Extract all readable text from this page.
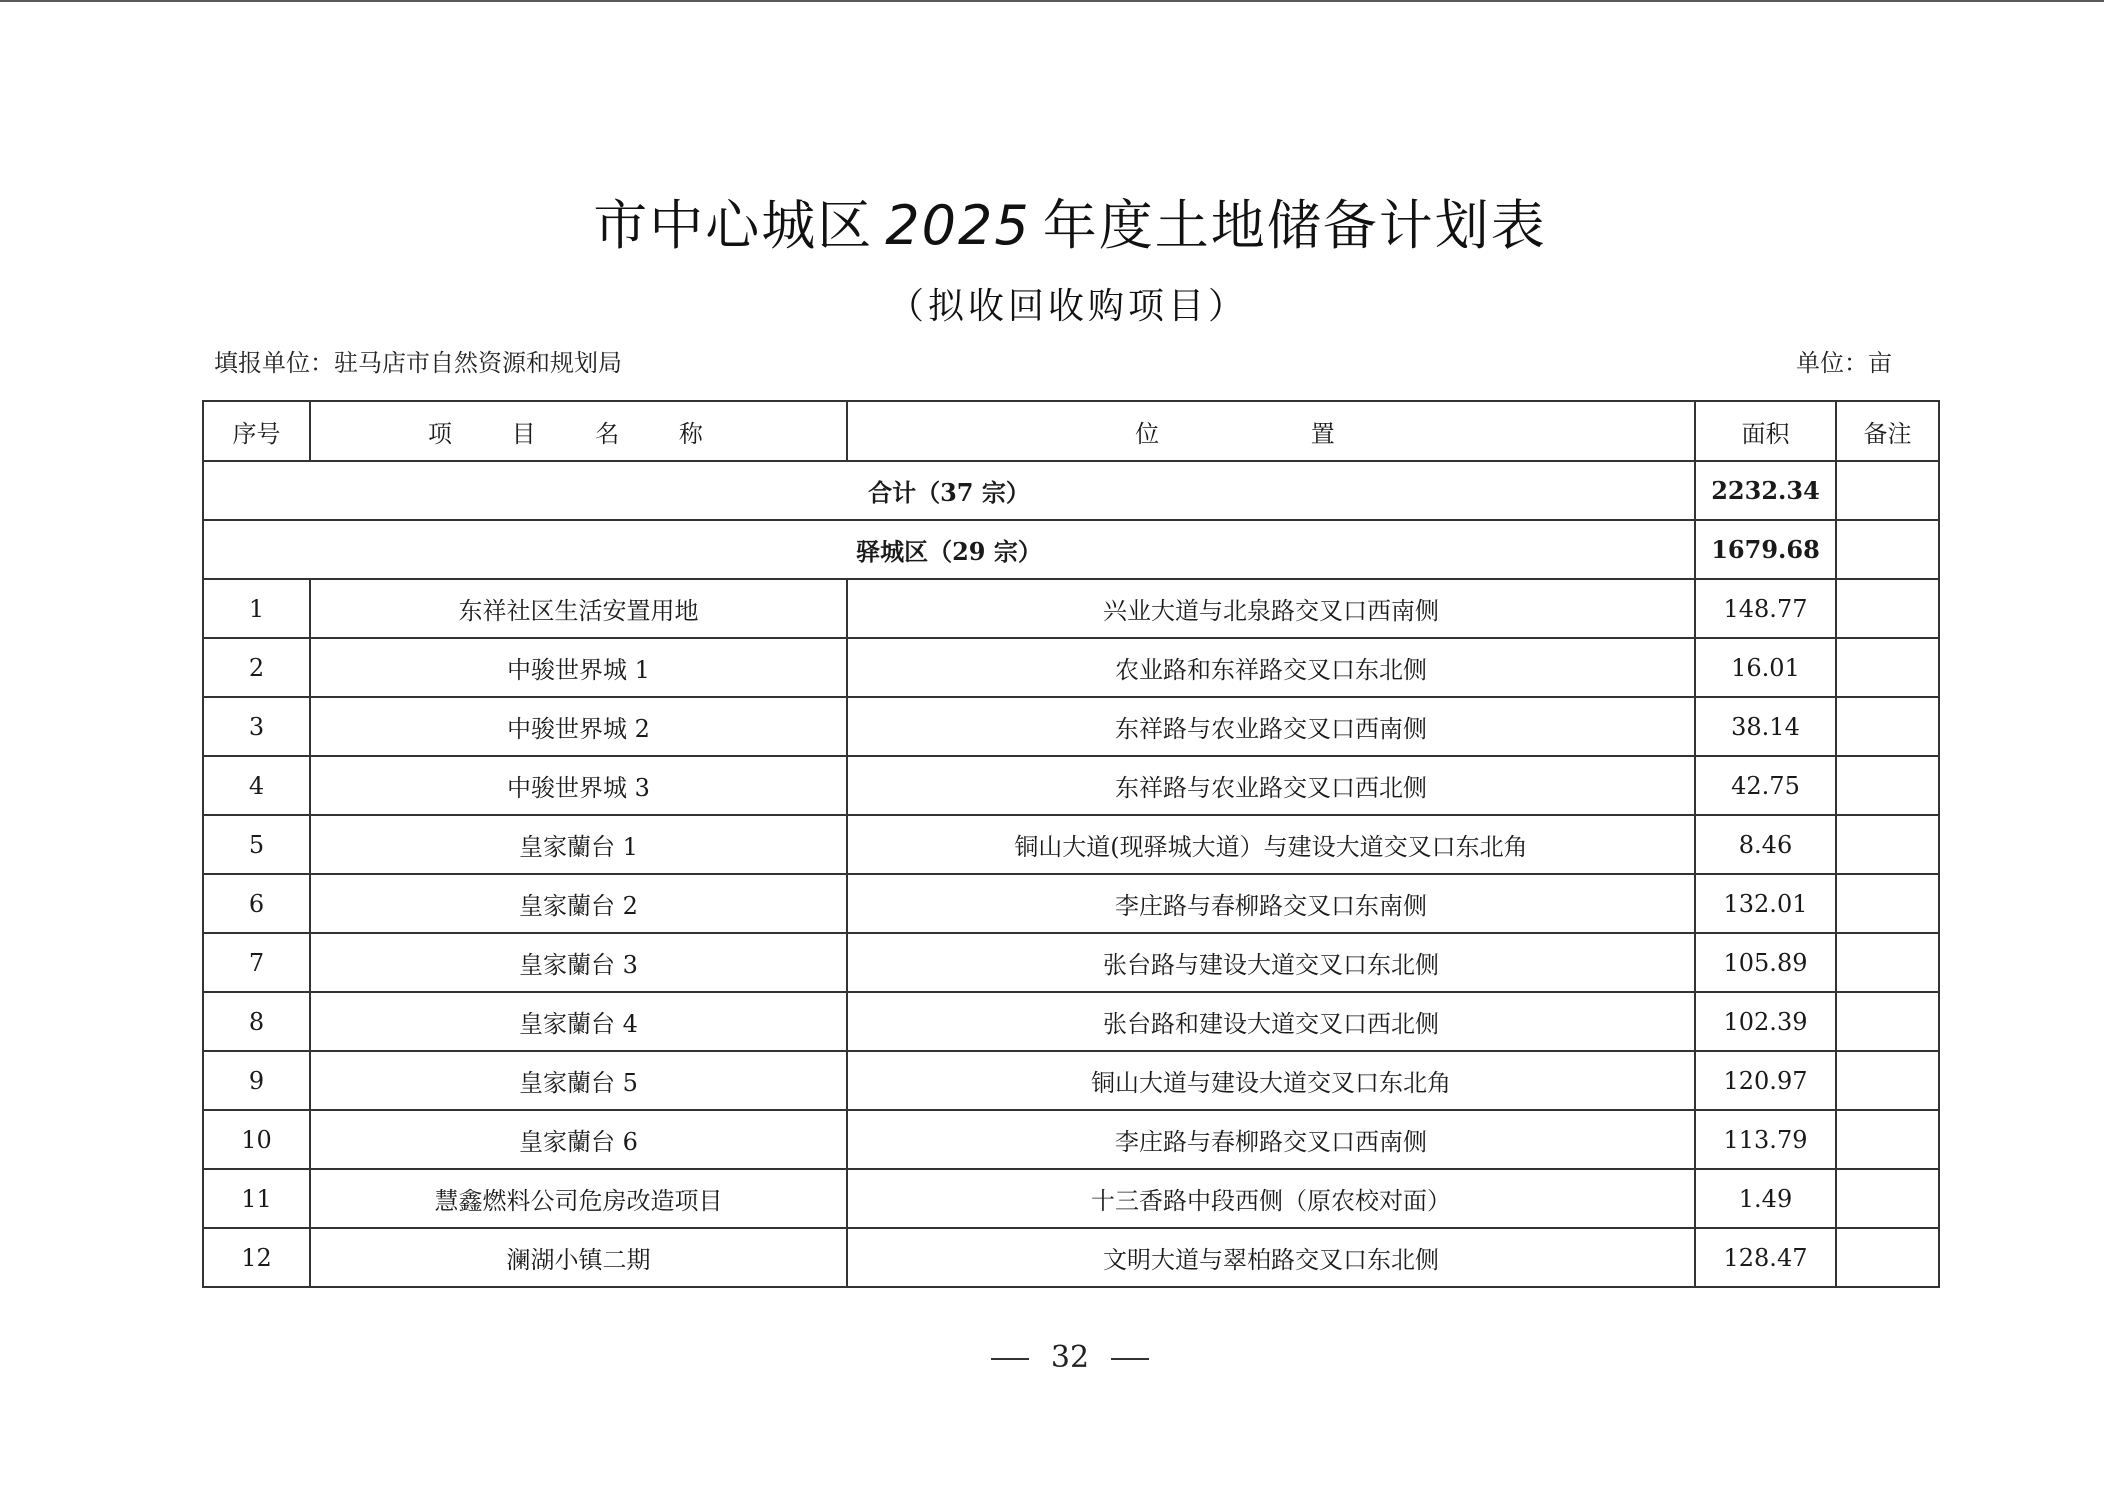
市中心城区 2025 年度土地储备计划表
（拟收回收购项目）
填报单位：驻马店市自然资源和规划局	单位：亩
序号	项 目 名 称	位 置	面积	备注
合计（37 宗）			2232.34	
驿城区（29 宗）			1679.68	
1	东祥社区生活安置用地	兴业大道与北泉路交叉口西南侧	148.77	
2	中骏世界城 1	农业路和东祥路交叉口东北侧	16.01	
3	中骏世界城 2	东祥路与农业路交叉口西南侧	38.14	
4	中骏世界城 3	东祥路与农业路交叉口西北侧	42.75	
5	皇家蘭台 1	铜山大道(现驿城大道）与建设大道交叉口东北角	8.46	
6	皇家蘭台 2	李庄路与春柳路交叉口东南侧	132.01	
7	皇家蘭台 3	张台路与建设大道交叉口东北侧	105.89	
8	皇家蘭台 4	张台路和建设大道交叉口西北侧	102.39	
9	皇家蘭台 5	铜山大道与建设大道交叉口东北角	120.97	
10	皇家蘭台 6	李庄路与春柳路交叉口西南侧	113.79	
11	慧鑫燃料公司危房改造项目	十三香路中段西侧（原农校对面）	1.49	
12	澜湖小镇二期	文明大道与翠柏路交叉口东北侧	128.47	
32
